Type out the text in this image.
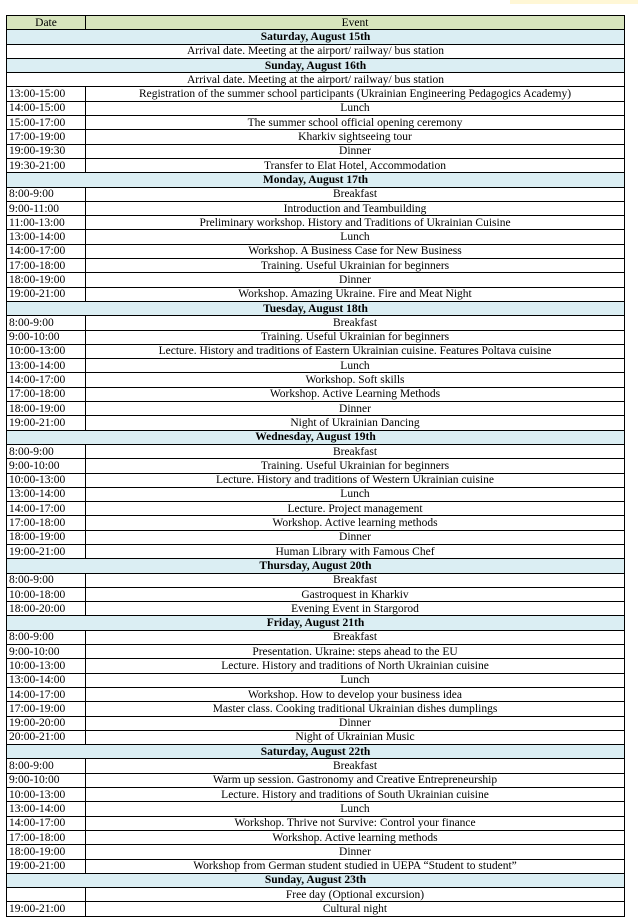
Date	Event
Saturday, August 15th	
Arrival date. Meeting at the airport/ railway/ bus station	
Sunday, August 16th	
Arrival date. Meeting at the airport/ railway/ bus station	
13:00-15:00	Registration of the summer school participants (Ukrainian Engineering Pedagogics Academy)
14:00-15:00	Lunch
15:00-17:00	The summer school official opening ceremony
17:00-19:00	Kharkiv sightseeing tour
19:00-19:30	Dinner
19:30-21:00	Transfer to Elat Hotel, Accommodation
Monday, August 17th	
8:00-9:00	Breakfast
9:00-11:00	Introduction and Teambuilding
11:00-13:00	Preliminary workshop. History and Traditions of Ukrainian Cuisine
13:00-14:00	Lunch
14:00-17:00	Workshop. A Business Case for New Business
17:00-18:00	Training. Useful Ukrainian for beginners
18:00-19:00	Dinner
19:00-21:00	Workshop. Amazing Ukraine. Fire and Meat Night
Tuesday, August 18th	
8:00-9:00	Breakfast
9:00-10:00	Training. Useful Ukrainian for beginners
10:00-13:00	Lecture. History and traditions of Eastern Ukrainian cuisine. Features Poltava cuisine
13:00-14:00	Lunch
14:00-17:00	Workshop. Soft skills
17:00-18:00	Workshop. Active Learning Methods
18:00-19:00	Dinner
19:00-21:00	Night of Ukrainian Dancing
Wednesday, August 19th	
8:00-9:00	Breakfast
9:00-10:00	Training. Useful Ukrainian for beginners
10:00-13:00	Lecture. History and traditions of Western Ukrainian cuisine
13:00-14:00	Lunch
14:00-17:00	Lecture. Project management
17:00-18:00	Workshop. Active learning methods
18:00-19:00	Dinner
19:00-21:00	Human Library with Famous Chef
Thursday, August 20th	
8:00-9:00	Breakfast
10:00-18:00	Gastroquest in Kharkiv
18:00-20:00	Evening Event in Stargorod
Friday, August 21th	
8:00-9:00	Breakfast
9:00-10:00	Presentation. Ukraine: steps ahead to the EU
10:00-13:00	Lecture. History and traditions of North Ukrainian cuisine
13:00-14:00	Lunch
14:00-17:00	Workshop. How to develop your business idea
17:00-19:00	Master class. Cooking traditional Ukrainian dishes dumplings
19:00-20:00	Dinner
20:00-21:00	Night of Ukrainian Music
Saturday, August 22th	
8:00-9:00	Breakfast
9:00-10:00	Warm up session. Gastronomy and Creative Entrepreneurship
10:00-13:00	Lecture. History and traditions of South Ukrainian cuisine
13:00-14:00	Lunch
14:00-17:00	Workshop. Thrive not Survive: Control your finance
17:00-18:00	Workshop. Active learning methods
18:00-19:00	Dinner
19:00-21:00	Workshop from German student studied in UEPA “Student to student”
Sunday, August 23th	
	Free day (Optional excursion)
19:00-21:00	Cultural night
